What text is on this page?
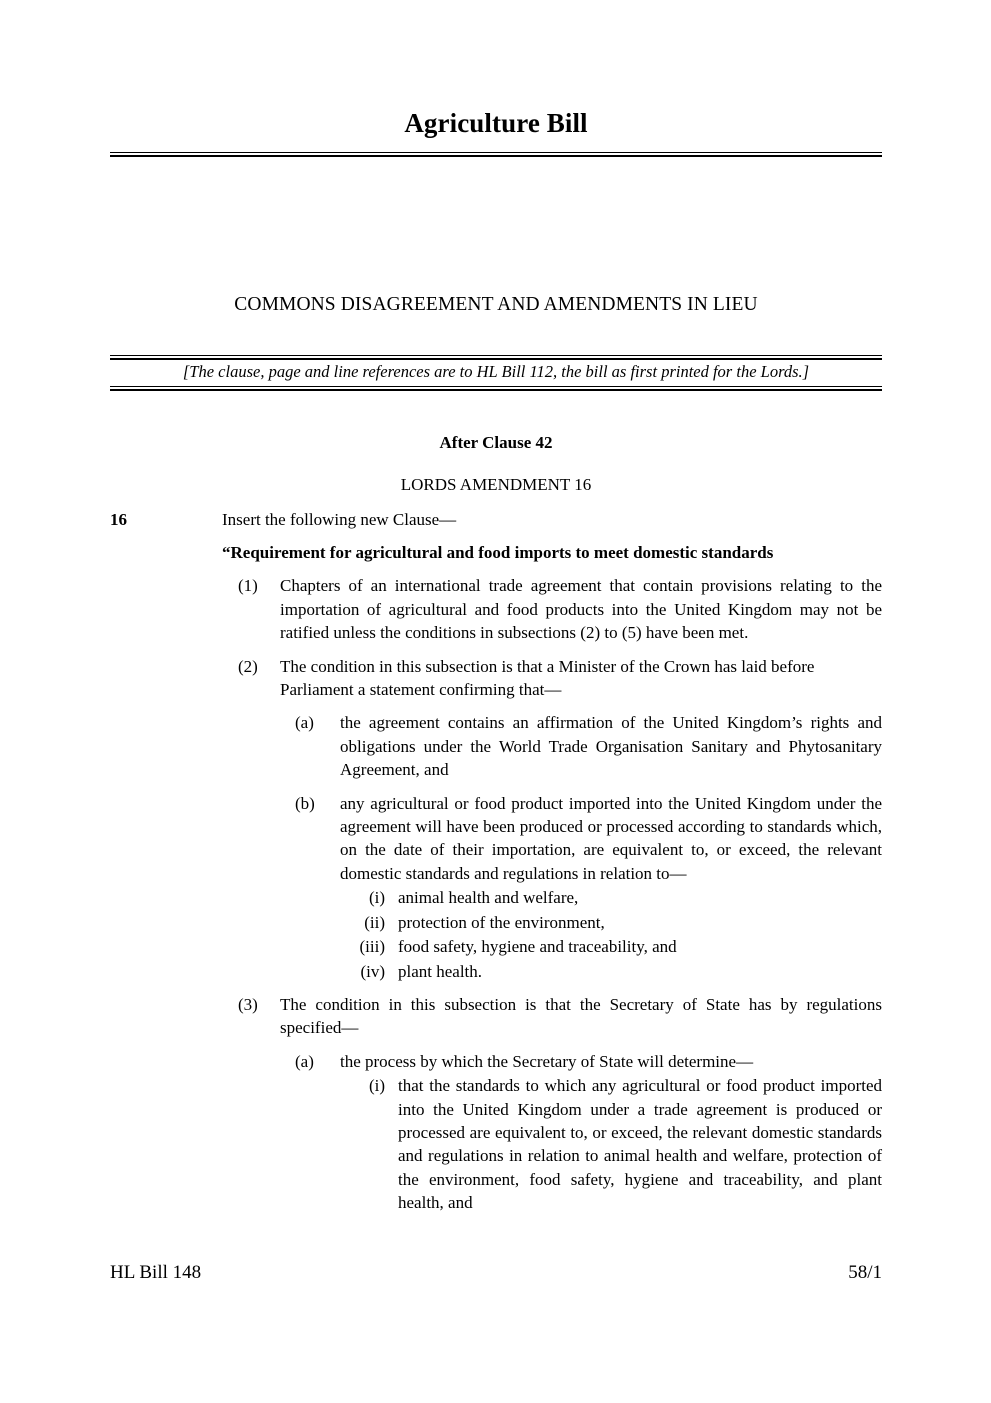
Agriculture Bill
COMMONS DISAGREEMENT AND AMENDMENTS IN LIEU
[The clause, page and line references are to HL Bill 112, the bill as first printed for the Lords.]
After Clause 42
LORDS AMENDMENT 16
16	Insert the following new Clause—
“Requirement for agricultural and food imports to meet domestic standards
(1)	Chapters of an international trade agreement that contain provisions relating to the importation of agricultural and food products into the United Kingdom may not be ratified unless the conditions in subsections (2) to (5) have been met.
(2)	The condition in this subsection is that a Minister of the Crown has laid before Parliament a statement confirming that—
(a)	the agreement contains an affirmation of the United Kingdom’s rights and obligations under the World Trade Organisation Sanitary and Phytosanitary Agreement, and
(b)	any agricultural or food product imported into the United Kingdom under the agreement will have been produced or processed according to standards which, on the date of their importation, are equivalent to, or exceed, the relevant domestic standards and regulations in relation to—
(i) animal health and welfare,
(ii) protection of the environment,
(iii) food safety, hygiene and traceability, and
(iv) plant health.
(3)	The condition in this subsection is that the Secretary of State has by regulations specified—
(a)	the process by which the Secretary of State will determine—
(i) that the standards to which any agricultural or food product imported into the United Kingdom under a trade agreement is produced or processed are equivalent to, or exceed, the relevant domestic standards and regulations in relation to animal health and welfare, protection of the environment, food safety, hygiene and traceability, and plant health, and
HL Bill 148	58/1
